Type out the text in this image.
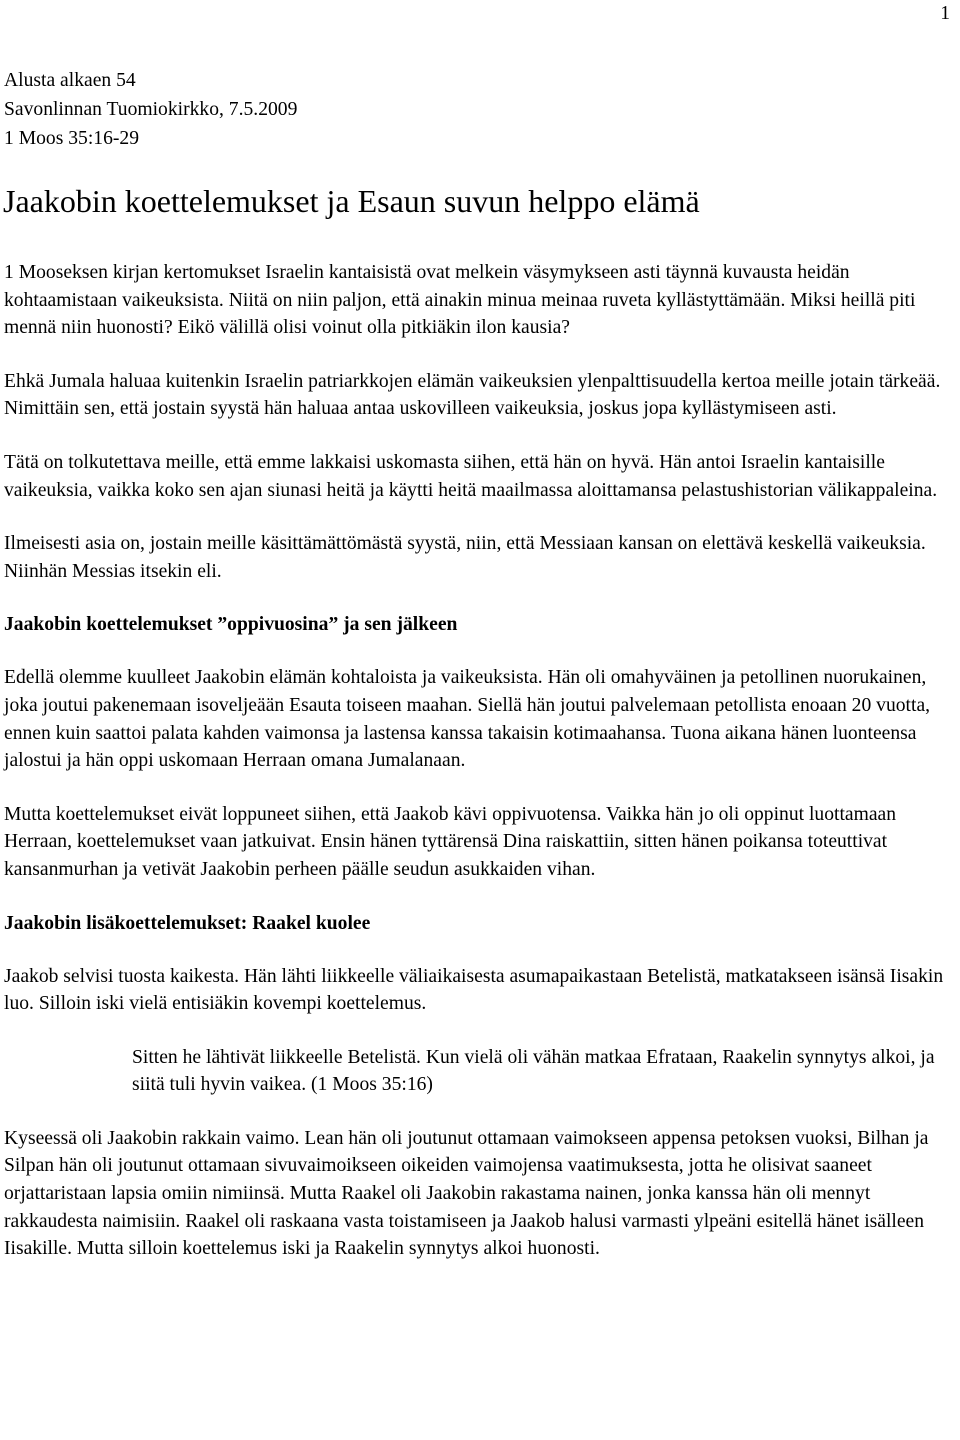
1
Alusta alkaen 54
Savonlinnan Tuomiokirkko, 7.5.2009
1 Moos 35:16-29
Jaakobin koettelemukset ja Esaun suvun helppo elämä

1 Mooseksen kirjan kertomukset Israelin kantaisistä ovat melkein väsymykseen asti täynnä kuvausta heidän kohtaamistaan vaikeuksista. Niitä on niin paljon, että ainakin minua meinaa ruveta kyllästyttämään. Miksi heillä piti mennä niin huonosti? Eikö välillä olisi voinut olla pitkiäkin ilon kausia?

Ehkä Jumala haluaa kuitenkin Israelin patriarkkojen elämän vaikeuksien ylenpalttisuudella kertoa meille jotain tärkeää. Nimittäin sen, että jostain syystä hän haluaa antaa uskovilleen vaikeuksia, joskus jopa kyllästymiseen asti.

Tätä on tolkutettava meille, että emme lakkaisi uskomasta siihen, että hän on hyvä. Hän antoi Israelin kantaisille vaikeuksia, vaikka koko sen ajan siunasi heitä ja käytti heitä maailmassa aloittamansa pelastushistorian välikappaleina.

Ilmeisesti asia on, jostain meille käsittämättömästä syystä, niin, että Messiaan kansan on elettävä keskellä vaikeuksia. Niinhän Messias itsekin eli.

Jaakobin koettelemukset ”oppivuosina” ja sen jälkeen

Edellä olemme kuulleet Jaakobin elämän kohtaloista ja vaikeuksista. Hän oli omahyväinen ja petollinen nuorukainen, joka joutui pakenemaan isoveljeään Esauta toiseen maahan. Siellä hän joutui palvelemaan petollista enoaan 20 vuotta, ennen kuin saattoi palata kahden vaimonsa ja lastensa kanssa takaisin kotimaahansa. Tuona aikana hänen luonteensa jalostui ja hän oppi uskomaan Herraan omana Jumalanaan.

Mutta koettelemukset eivät loppuneet siihen, että Jaakob kävi oppivuotensa. Vaikka hän jo oli oppinut luottamaan Herraan, koettelemukset vaan jatkuivat. Ensin hänen tyttärensä Dina raiskattiin, sitten hänen poikansa toteuttivat kansanmurhan ja vetivät Jaakobin perheen päälle seudun asukkaiden vihan.

Jaakobin lisäkoettelemukset: Raakel kuolee

Jaakob selvisi tuosta kaikesta. Hän lähti liikkeelle väliaikaisesta asumapaikastaan Betelistä, matkatakseen isänsä Iisakin luo. Silloin iski vielä entisiäkin kovempi koettelemus.

Sitten he lähtivät liikkeelle Betelistä. Kun vielä oli vähän matkaa Efrataan, Raakelin synnytys alkoi, ja siitä tuli hyvin vaikea. (1 Moos 35:16)

Kyseessä oli Jaakobin rakkain vaimo. Lean hän oli joutunut ottamaan vaimokseen appensa petoksen vuoksi, Bilhan ja Silpan hän oli joutunut ottamaan sivuvaimoikseen oikeiden vaimojensa vaatimuksesta, jotta he olisivat saaneet orjattaristaan lapsia omiin nimiinsä. Mutta Raakel oli Jaakobin rakastama nainen, jonka kanssa hän oli mennyt rakkaudesta naimisiin. Raakel oli raskaana vasta toistamiseen ja Jaakob halusi varmasti ylpeäni esitellä hänet isälleen Iisakille. Mutta silloin koettelemus iski ja Raakelin synnytys alkoi huonosti.
